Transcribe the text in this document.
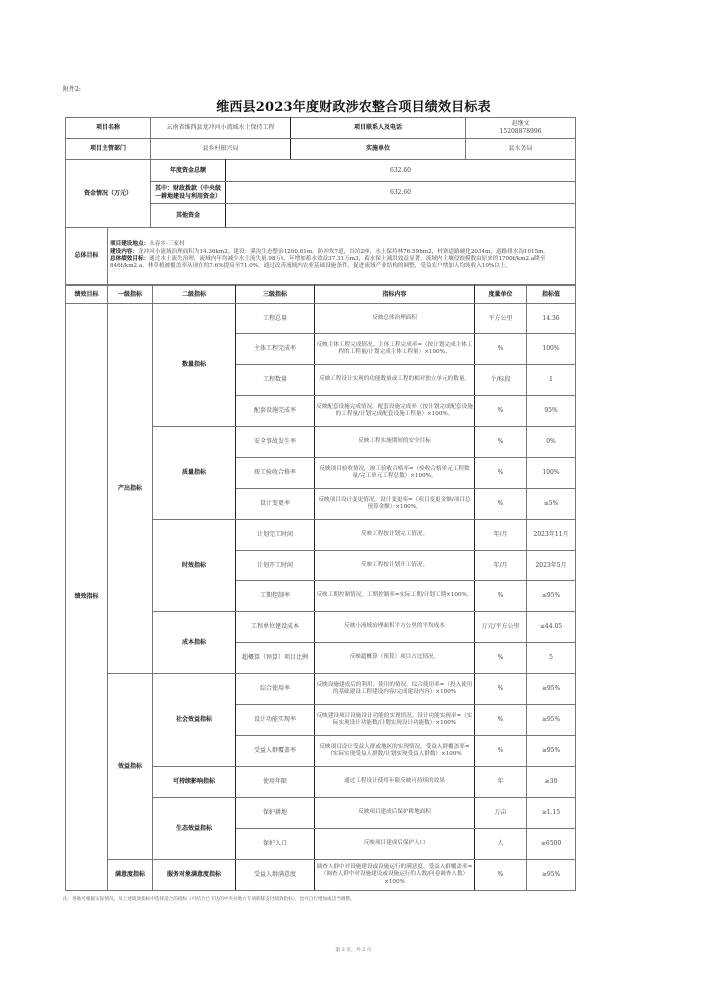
附件2:
维西县2023年度财政涉农整合项目绩效目标表
项目名称	云南省维西县龙冲河小流域水土保持工程	项目联系人及电话	赵继文
15208878996

项目主管部门	县乡村振兴局	实施单位	县水务局
资金情况（万元）	年度资金总额	632.60
	其中：财政拨款（中央级一耕地建设与利用资金）	632.60
	其他资金	
总体目标	
项目建设地点：永春乡-三家村
建设内容：龙冲河小流域治理面积为14.36km2。建设：溪沟生态整治1200.61m，防冲坎7道，谷坊2座，水土保持林76.59hm2，村寨道路硬化2034m，道路排水沟1015m。
总体绩效目标：通过水土流失治理，流域内年均减少水土流失量.98万t，年增加蓄水效益37.31万m3，蓄水保土减洪效益显著，流域内土壤侵蚀模数由原来的1700t/km2.a降至846t/km2.a，林草植被覆盖率从现在的7.6%提高至71.0%，通过改善流域内农业基础设施条件，促进流域产业结构的调整，受益农户增加人均纯收入10%以上。
绩效目标	一级指标	二级指标	三级指标	指标内容	度量单位	指标值
绩效指标	产出指标	数量指标	工程总量	反映总体治理面积	平方公里	14.36
			主体工程完成率	反映主体工程完成情况。主体工程完成率=（按计划完成主体工程的工程量/计划完成主体工程量）×100%。	%	100%
			工程数量	反映工程设计实现的功能数量或工程的相对独立单元的数量。	个/标段	1
			配套设施完成率	反映配套设施完成情况。配套设施完成率（按计划完成配套设施的工程量/计划完成配套设施工程量）×100%。	%	95%
		质量指标	安全事故发生率	反映工程实施期间的安全目标	%	0%
			竣工验收合格率	反映项目验收情况。竣工验收合格率=（验收合格单元工程数量/完工单元工程总数）×100%。	%	100%
			设计变更率	反映项目设计变更情况。设计变更率=（项目变更金额/项目总预算金额）×100%。	%	≤5%
		时效指标	计划完工时间	反映工程按计划完工情况。	年/月	2023年11月
			计划开工时间	反映工程按计划开工情况。	年/月	2023年5月
			工期控制率	反映工期控制情况。工期控制率=实际工期/计划工期×100%。	%	≤95%
		成本指标	工程单位建设成本	反映小流域治理面积平方公里的平均成本	万元/平方公里	≤44.05
			超概算（预算）项目比例	反映超概算（预算）项目占比情况。	%	5
	效益指标	社会效益指标	综合使用率	反映设施建成后的利用、使用的情况。综合使用率=（投入使用的基础建设工程建设内容/完成建设内容）×100%	%	≥95%
			设计功能实现率	反映建设项目设施设计功能的实现情况。设计功能实现率=（实际实现设计功能数/计划实现设计功能数）×100%	%	≥95%
			受益人群覆盖率	反映项目设计受益人群或地区的实现情况。受益人群覆盖率=（实际实现受益人群数/计划实现受益人群数）×100%	%	≥95%
		可持续影响指标	使用年限	通过工程设计使用年限反映可持续的效果	年	≥30
		生态效益指标	保护耕地	反映项目建成后保护耕地面积	万亩	≥1.15
			保护人口	反映项目建成后保护人口	人	≥6500
	满意度指标	服务对象满意度指标	受益人群满意度	调查人群中对设施建设或设施运行的满意度。受益人群覆盖率=（调查人群中对设施建设或设施运行的人数/问卷调查人数）×100%	%	≥95%
注：各地可根据实际情况，从上述绩效指标中选择适合的指标（可结合已下达的中央对地方专项转移支付绩效指标），也可自行增加或适当调整。
第 2 页，共 2 页
